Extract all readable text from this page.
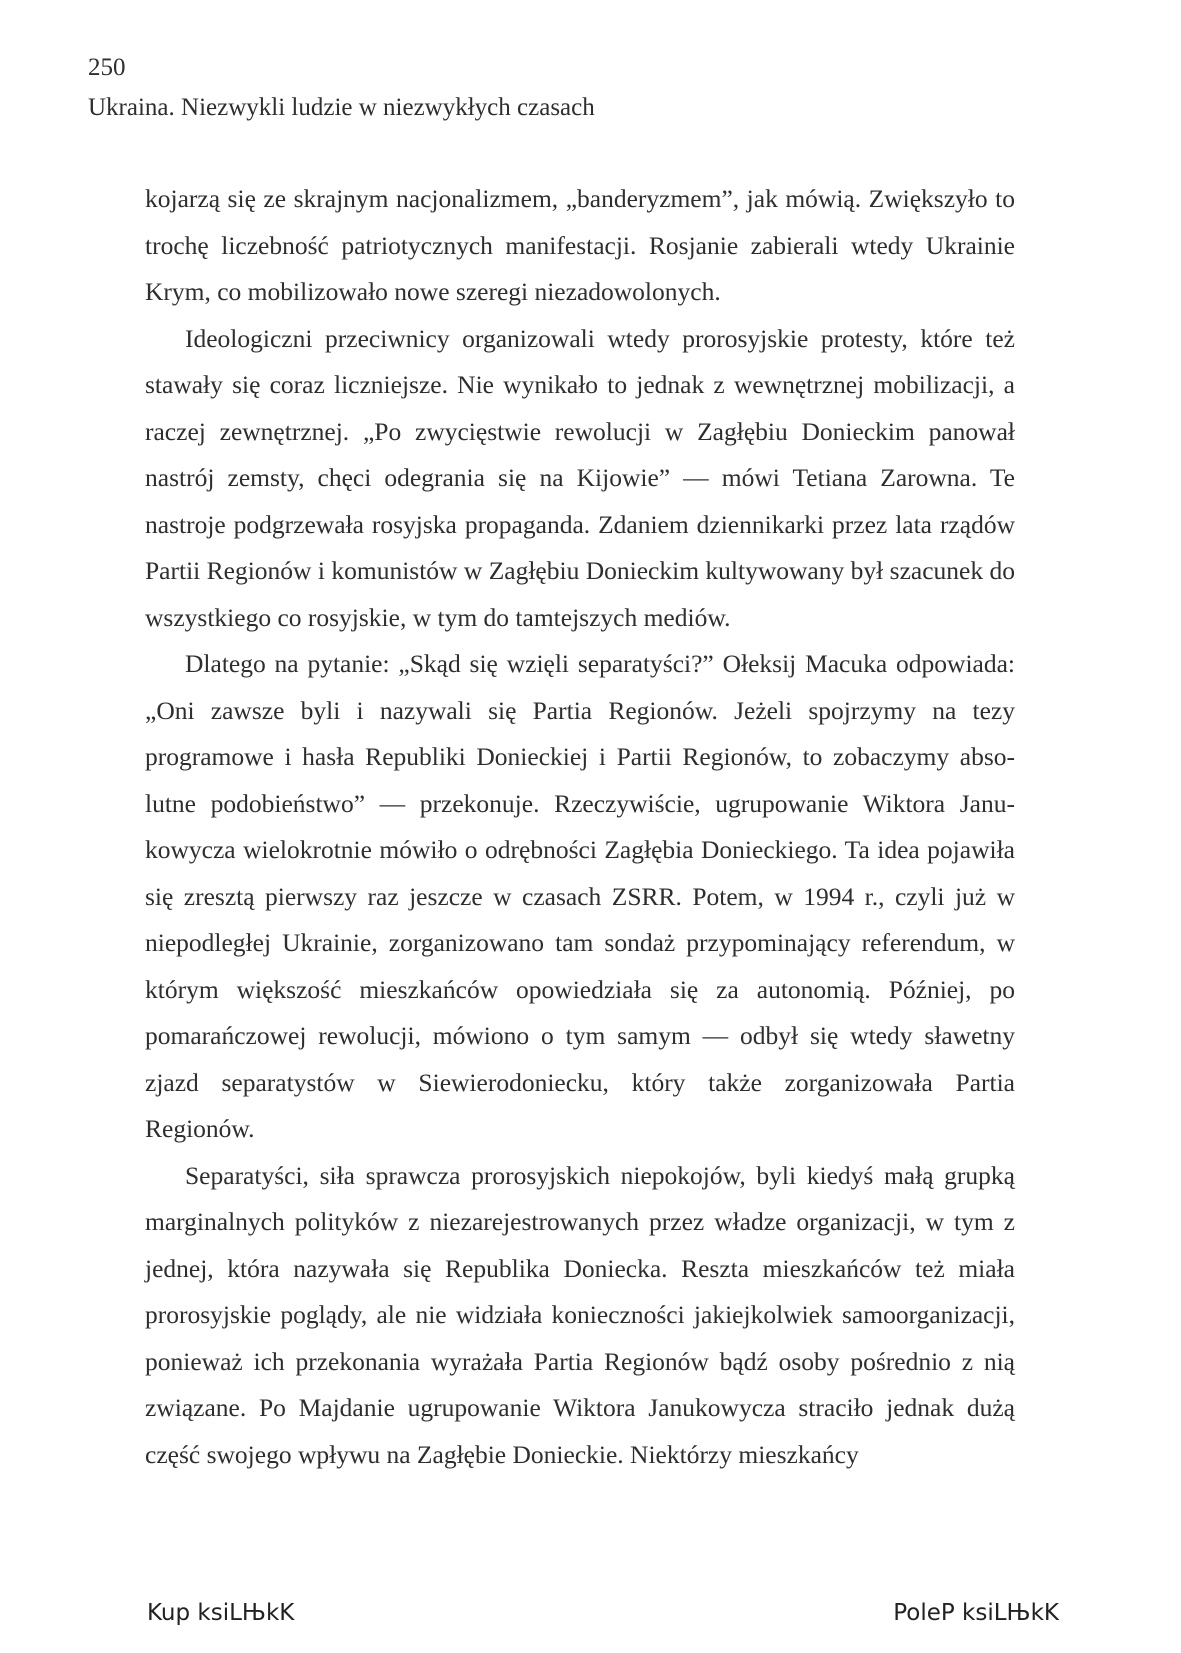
250
Ukraina. Niezwykli ludzie w niezwykłych czasach

kojarzą się ze skrajnym nacjonalizmem, „banderyzmem”, jak mówią. Zwiększyło to trochę liczebność patriotycznych manifestacji. Rosjanie zabierali wtedy Ukrainie Krym, co mobilizowało nowe szeregi niezadowolonych.

Ideologiczni przeciwnicy organizowali wtedy prorosyjskie protesty, które też stawały się coraz liczniejsze. Nie wynikało to jednak z wewnętrznej mobilizacji, a raczej zewnętrznej. „Po zwycięstwie rewolucji w Zagłębiu Donieckim panował nastrój zemsty, chęci odegrania się na Kijowie” — mówi Tetiana Zarowna. Te nastroje podgrzewała rosyjska propaganda. Zdaniem dziennikarki przez lata rządów Partii Regionów i komunistów w Zagłębiu Donieckim kultywowany był szacunek do wszystkiego co rosyjskie, w tym do tamtejszych mediów.

Dlatego na pytanie: „Skąd się wzięli separatyści?” Ołeksij Macuka odpowiada: „Oni zawsze byli i nazywali się Partia Regionów. Jeżeli spojrzymy na tezy programowe i hasła Republiki Donieckiej i Partii Regionów, to zobaczymy absolutne podobieństwo” — przekonuje. Rzeczywiście, ugrupowanie Wiktora Janukowycza wielokrotnie mówiło o odrębności Zagłębia Donieckiego. Ta idea pojawiła się zresztą pierwszy raz jeszcze w czasach ZSRR. Potem, w 1994 r., czyli już w niepodległej Ukrainie, zorganizowano tam sondaż przypominający referendum, w którym większość mieszkańców opowiedziała się za autonomią. Później, po pomarańczowej rewolucji, mówiono o tym samym — odbył się wtedy sławetny zjazd separatystów w Siewierodoniecku, który także zorganizowała Partia Regionów.

Separatyści, siła sprawcza prorosyjskich niepokojów, byli kiedyś małą grupką marginalnych polityków z niezarejestrowanych przez władze organizacji, w tym z jednej, która nazywała się Republika Doniecka. Reszta mieszkańców też miała prorosyjskie poglądy, ale nie widziała konieczności jakiejkolwiek samoorganizacji, ponieważ ich przekonania wyrażała Partia Regionów bądź osoby pośrednio z nią związane. Po Majdanie ugrupowanie Wiktora Janukowycza straciło jednak dużą część swojego wpływu na Zagłębie Donieckie. Niektórzy mieszkańcy

Kup ksiLЊkK	PoleP ksiLЊkK
